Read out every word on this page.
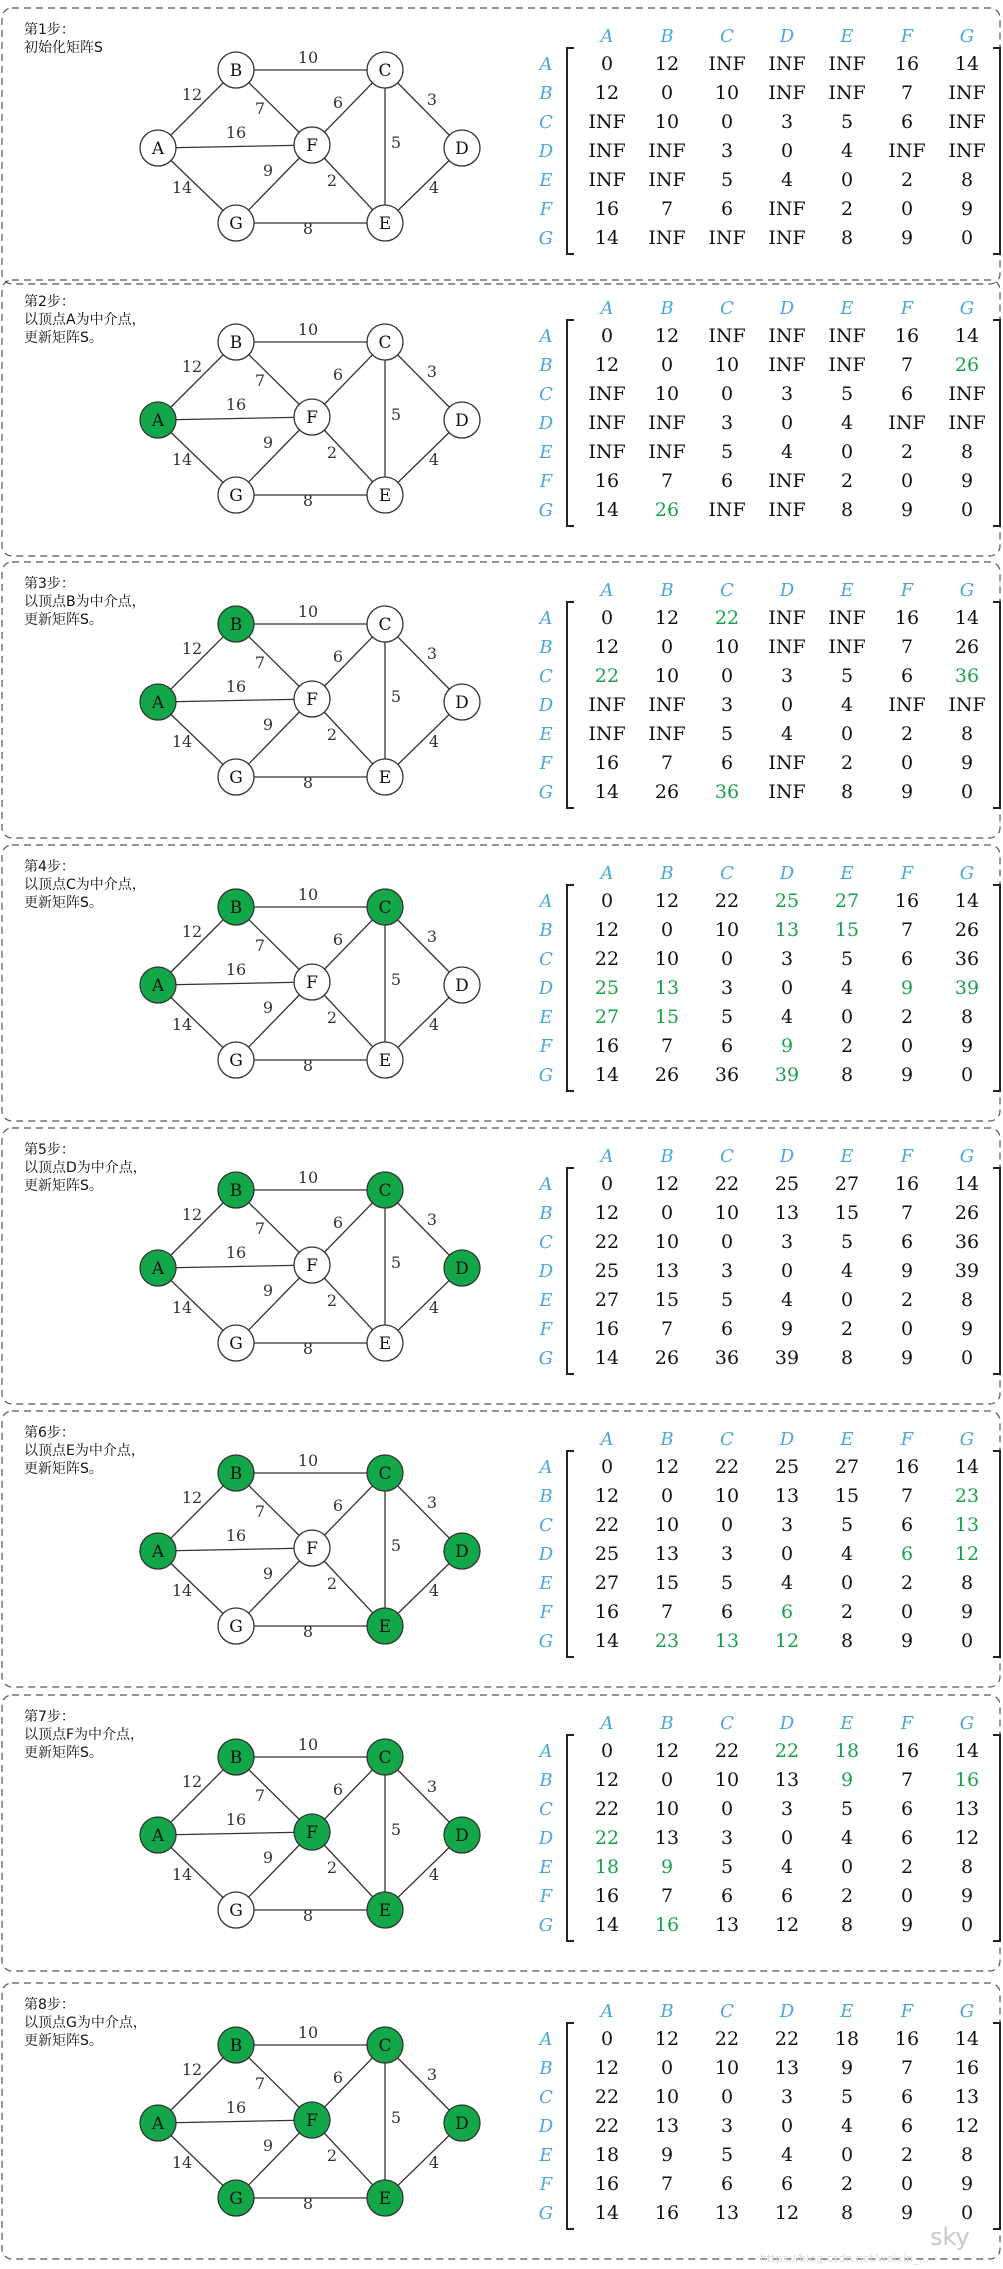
第1步：
初始化矩阵S
12
16
14
10
7	6	3
5
4
9
2
8
A
B	C
D
E
F
G
A	B	C	D	E	F	G
A
B
C
D
E
F
G
0 12 INF INF INF 16 14
12 0 10 INF INF 7 INF
INF 10 0	3	5	6 INF
INF INF 3	0	4 INF INF
INF INF 5	4	0	2	8
16 7	6 INF 2	0	9
14 INF INF INF 8	9	0
第2步：
以顶点A为中介点，
更新矩阵S。
12
16
14
10
7	6	3
5
4
9
2
8
A
B	C
D
E
F
G
A	B	C	D	E	F	G
A
B
C
D
E
F
G
0 12 INF INF INF 16 14
12 0 10 INF INF 7 26
INF 10 0	3	5	6 INF
INF INF 3	0	4 INF INF
INF INF 5	4	0	2	8
16 7	6 INF 2	0	9
14 26 INF INF 8	9	0
第3步：
以顶点B为中介点，
更新矩阵S。
12
16
14
10
7	6	3
5
4
9
2
8
A
B	C
D
E
F
G
A	B	C	D	E	F	G
A
B
C
D
E
F
G
0 12 22 INF INF 16 14
12 0 10 INF INF 7 26
22 10 0	3	5	6 36
INF INF 3	0	4 INF INF
INF INF 5	4	0	2	8
16 7	6 INF 2	0	9
14 26 36 INF 8	9	0
第4步：
以顶点C为中介点，
更新矩阵S。
12
16
14
10
7	6	3
5
4
9
2
8
A
B	C
D
E
F
G
A	B	C	D	E	F	G
A
B
C
D
E
F
G
0 12 22 25 27 16 14
12 0 10 13 15 7 26
22 10 0	3	5	6 36
25 13 3	0	4	9 39
27 15 5	4	0	2	8
16 7	6	9	2	0	9
14 26 36 39 8	9	0
第5步：
以顶点D为中介点，
更新矩阵S。
12
16
14
10
7	6	3
5
4
9
2
8
A
B	C
D
E
F
G
A	B	C	D	E	F	G
A
B
C
D
E
F
G
0 12 22 25 27 16 14
12 0 10 13 15 7 26
22 10 0	3	5	6 36
25 13 3	0	4	9 39
27 15 5	4	0	2	8
16 7	6	9	2	0	9
14 26 36 39 8	9	0
第6步：
以顶点E为中介点，
更新矩阵S。
12
16
14
10
7	6	3
5
4
9
2
8
A
B	C
D
E
F
G
A	B	C	D	E	F	G
A
B
C
D
E
F
G
0 12 22 25 27 16 14
12 0 10 13 15 7 23
22 10 0	3	5	6 13
25 13 3	0	4	6 12
27 15 5	4	0	2	8
16 7	6	6	2	0	9
14 23 13 12 8	9	0
第7步：
以顶点F为中介点，
更新矩阵S。
12
16
14
10
7	6	3
5
4
9
2
8
A
B	C
D
E
F
G
A	B	C	D	E	F	G
A
B
C
D
E
F
G
0 12 22 22 18 16 14
12 0 10 13 9	7 16
22 10 0	3	5	6 13
22 13 3	0	4	6 12
18 9	5	4	0	2	8
16 7	6	6	2	0	9
14 16 13 12 8	9	0
第8步：
以顶点G为中介点，
更新矩阵S。
12
16
14
10
7	6	3
5
4
9
2
8
A
B	C
D
E
F
G
A	B	C	D	E	F	G
A
B
C
D
E
F
G
0 12 22 22 18 16 14
12 0 10 13 9	7 16
22 10 0	3	5	6 13
22 13 3	0	4	6 12
18 9	5	4	0	2	8
16 7	6	6	2	0	9
14 16 13 12 8	9	0
sky
https://blog.csdn.net/weixin_...
